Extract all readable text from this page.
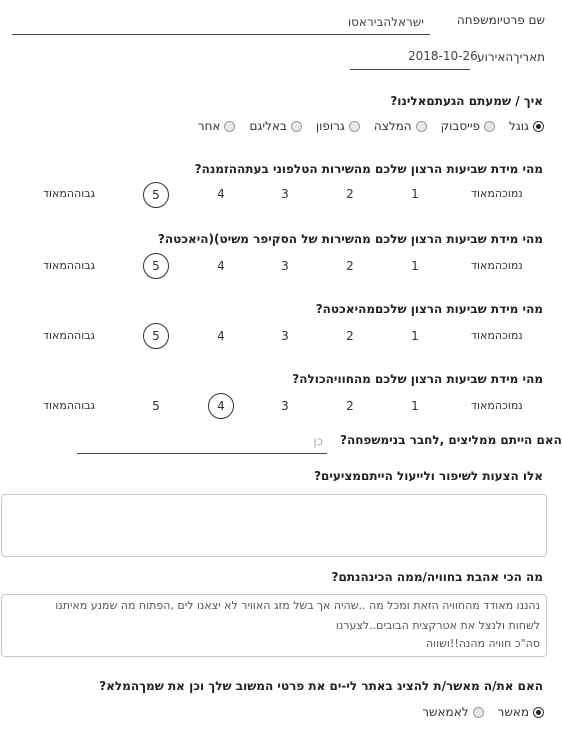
שם פרטיומשפחה
ישראלהביראסו
תאריךהאירוע
2018-10-26
איך / שמעתם הגעתםאלינו?
גוגל
פייסבוק
המלצה
גרופון
באליגם
אחר
מהי מידת שביעות הרצון שלכם מהשירות הטלפוני בעתההזמנה?
נמוכהמאוד
1
2
3
4
5
גבוההמאוד
מהי מידת שביעות הרצון שלכם מהשירות של הסקיפר משיט)(היאכטה?
נמוכהמאוד
1
2
3
4
5
גבוההמאוד
מהי מידת שביעות הרצון שלכםמהיאכטה?
נמוכהמאוד
1
2
3
4
5
גבוההמאוד
מהי מידת שביעות הרצון שלכם מהחוויהכולה?
נמוכהמאוד
1
2
3
4
5
גבוההמאוד
האם הייתם ממליצים ,לחבר בנימשפחה?
כן
אלו הצעות לשיפור ולייעול הייתםמציעים?
מה הכי אהבת בחוויה/ממה הכינהנתם?
נהננו מאודד מהחוויה הזאת ומכל מה ..שהיה אך בשל מזג האוויר לא יצאנו לים ,הפתוח מה שמנע מאיתנו
לשחות ולנצל את אטרקצית הבובים..לצערנו
סה"כ חוויה מהנה!!ושווה
האם את/ה מאשר/ת להציג באתר לי-ים את פרטי המשוב שלך וכן את שמךהמלא?
מאשר
לאמאשר
